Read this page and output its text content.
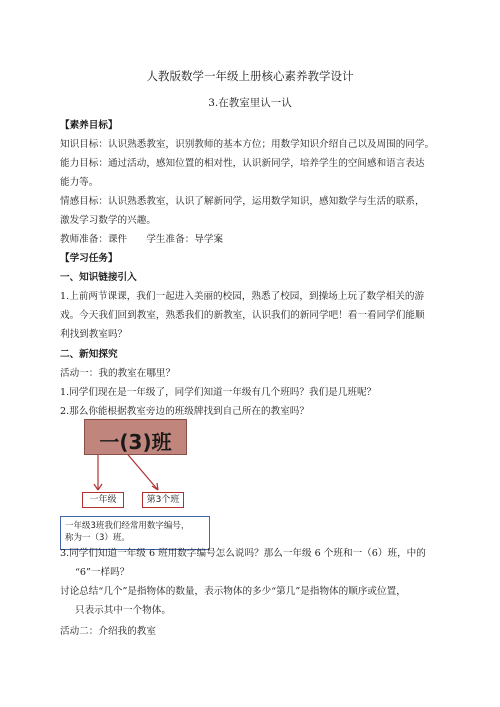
人教版数学一年级上册核心素养教学设计
3.在教室里认一认
【素养目标】
知识目标：认识熟悉教室，识别教师的基本方位；用数学知识介绍自己以及周围的同学。
能力目标：通过活动，感知位置的相对性，认识新同学，培养学生的空间感和语言表达
能力等。
情感目标：认识熟悉教室，认识了解新同学，运用数学知识，感知数学与生活的联系，
激发学习数学的兴趣。
教师准备：课件　　学生准备：导学案
【学习任务】
一、知识链接引入
1.上前两节课课，我们一起进入美丽的校园，熟悉了校园，到操场上玩了数学相关的游
戏。今天我们回到教室，熟悉我们的新教室，认识我们的新同学吧！看一看同学们能顺
利找到教室吗？
二、新知探究
活动一：我的教室在哪里？
1.同学们现在是一年级了，同学们知道一年级有几个班吗？我们是几班呢？
2.那么你能根据教室旁边的班级牌找到自己所在的教室吗？
一(3)班
一年级	第3个班
一年级3班我们经常用数字编号，
称为一（3）班。
3.同学们知道一年级 6 班用数字编号怎么说吗？那么一年级 6 个班和一（6）班，中的
“6”一样吗？
讨论总结“几个”是指物体的数量，表示物体的多少“第几”是指物体的顺序或位置，
只表示其中一个物体。
活动二：介绍我的教室
